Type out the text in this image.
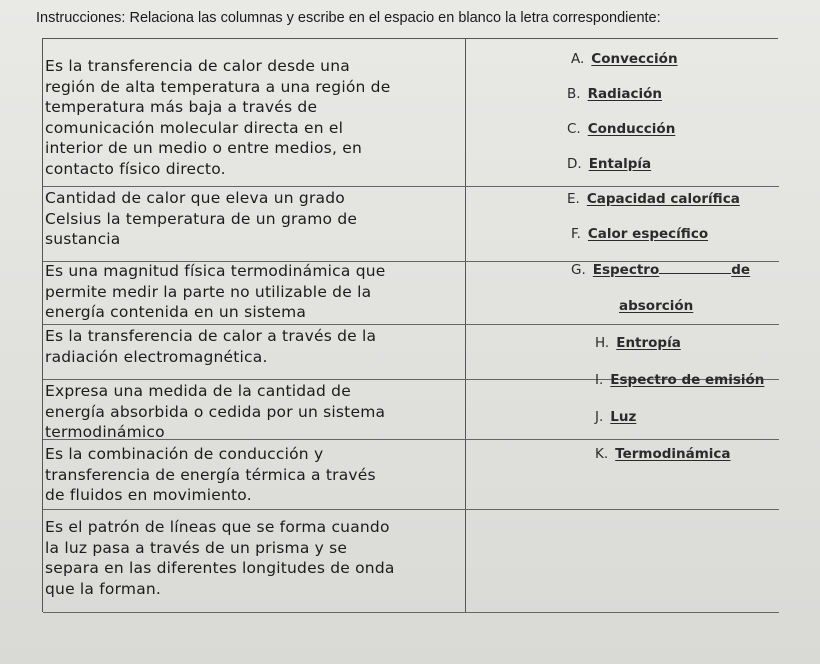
Instrucciones: Relaciona las columnas y escribe en el espacio en blanco la letra correspondiente:
Es la transferencia de calor desde una
región de alta temperatura a una región de
temperatura más baja a través de
comunicación molecular directa en el
interior de un medio o entre medios, en
contacto físico directo.
Cantidad de calor que eleva un grado
Celsius la temperatura de un gramo de
sustancia
Es una magnitud física termodinámica que
permite medir la parte no utilizable de la
energía contenida en un sistema
Es la transferencia de calor a través de la
radiación electromagnética.
Expresa una medida de la cantidad de
energía absorbida o cedida por un sistema
termodinámico
Es la combinación de conducción y
transferencia de energía térmica a través
de fluidos en movimiento.
Es el patrón de líneas que se forma cuando
la luz pasa a través de un prisma y se
separa en las diferentes longitudes de onda
que la forman.
A. Convección
B. Radiación
C. Conducción
D. Entalpía
E. Capacidad calorífica
F. Calor específico
G. Espectro	de
absorción
H. Entropía
I. Espectro de emisión
J. Luz
K. Termodinámica
